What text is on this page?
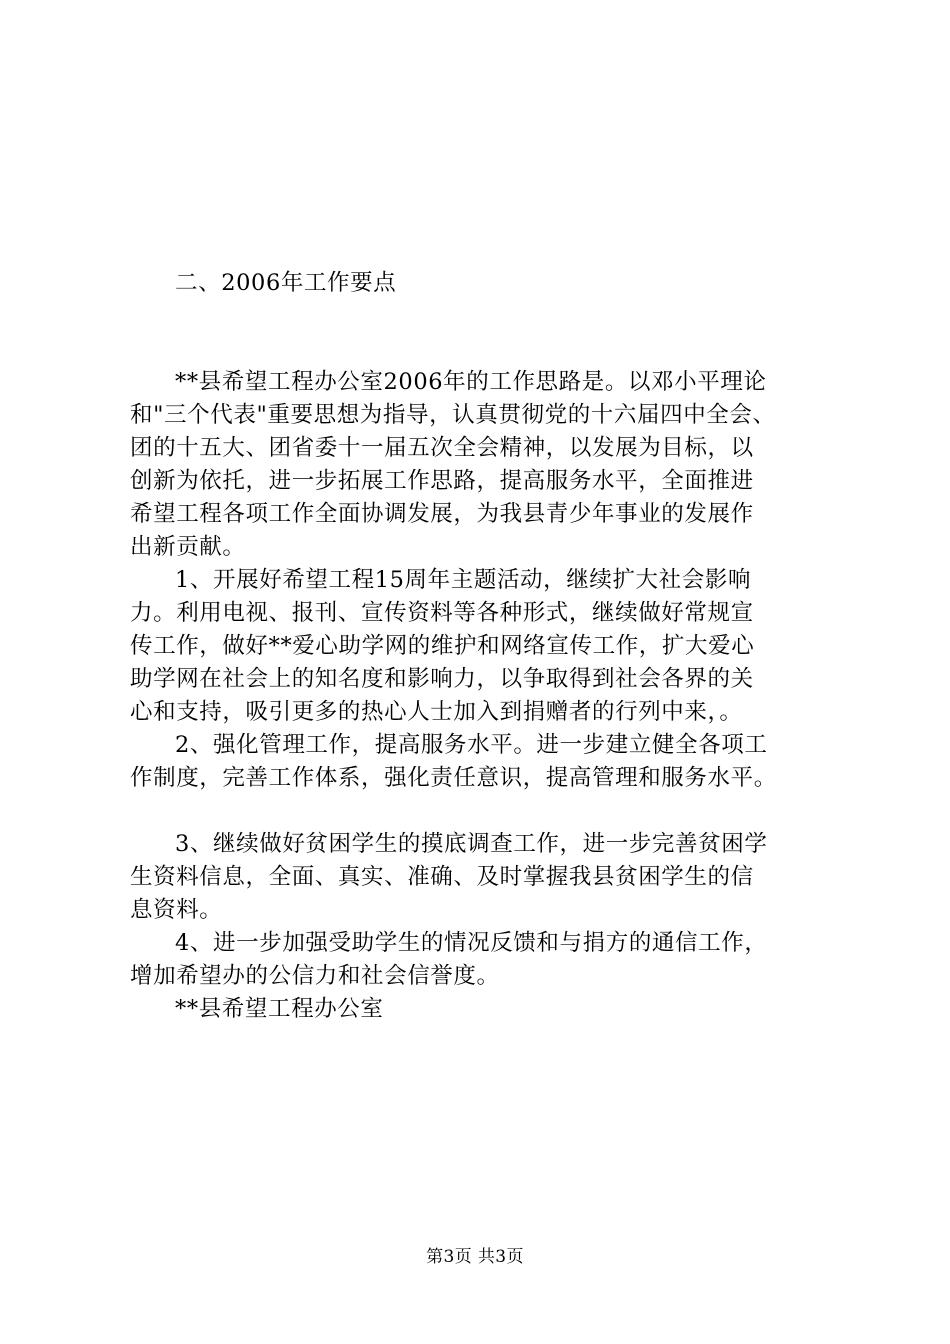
二、2006年工作要点

**县希望工程办公室2006年的工作思路是。以邓小平理论
和"三个代表"重要思想为指导，认真贯彻党的十六届四中全会、
团的十五大、团省委十一届五次全会精神，以发展为目标，以
创新为依托，进一步拓展工作思路，提高服务水平，全面推进
希望工程各项工作全面协调发展，为我县青少年事业的发展作
出新贡献。

1、开展好希望工程15周年主题活动，继续扩大社会影响
力。利用电视、报刊、宣传资料等各种形式，继续做好常规宣
传工作，做好**爱心助学网的维护和网络宣传工作，扩大爱心
助学网在社会上的知名度和影响力，以争取得到社会各界的关
心和支持，吸引更多的热心人士加入到捐赠者的行列中来，。

2、强化管理工作，提高服务水平。进一步建立健全各项工
作制度，完善工作体系，强化责任意识，提高管理和服务水平。

3、继续做好贫困学生的摸底调查工作，进一步完善贫困学
生资料信息，全面、真实、准确、及时掌握我县贫困学生的信
息资料。

4、进一步加强受助学生的情况反馈和与捐方的通信工作，
增加希望办的公信力和社会信誉度。

**县希望工程办公室

第3页 共3页
